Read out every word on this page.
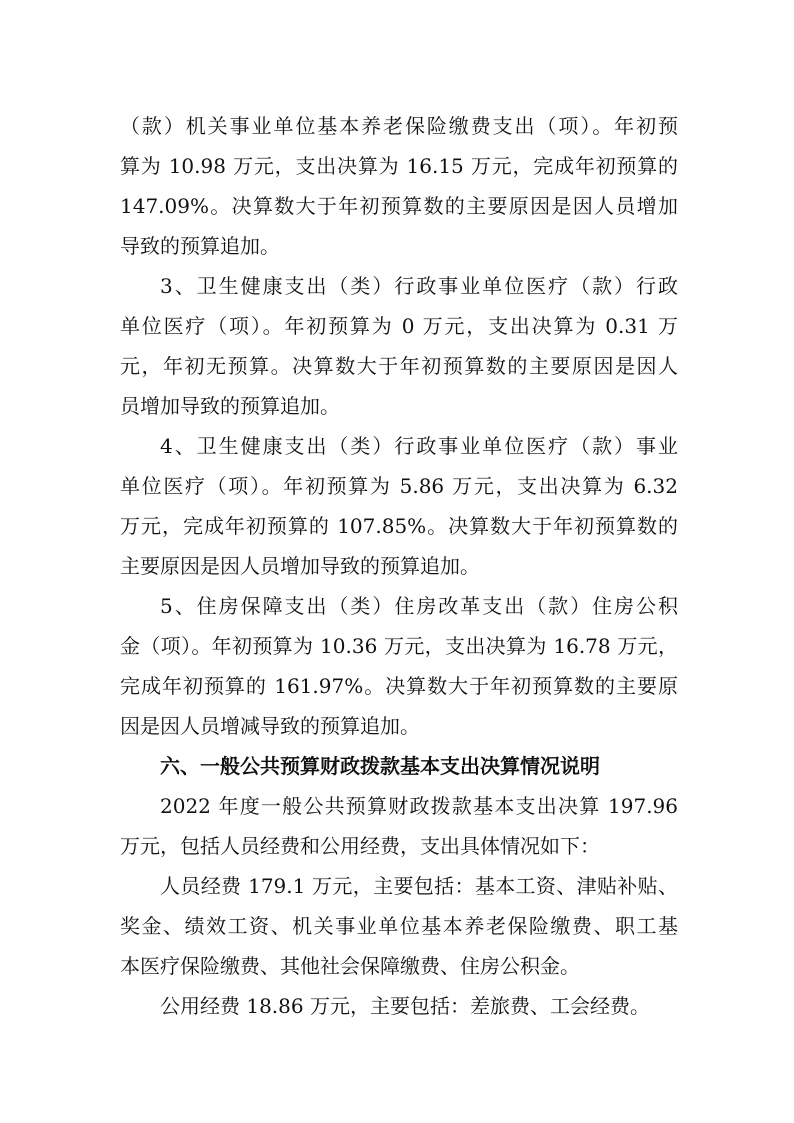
（款）机关事业单位基本养老保险缴费支出（项）。年初预
算为 10.98 万元，支出决算为 16.15 万元，完成年初预算的
147.09%。决算数大于年初预算数的主要原因是因人员增加
导致的预算追加。
3、卫生健康支出（类）行政事业单位医疗（款）行政
单位医疗（项）。年初预算为 0 万元，支出决算为 0.31 万
元，年初无预算。决算数大于年初预算数的主要原因是因人
员增加导致的预算追加。
4、卫生健康支出（类）行政事业单位医疗（款）事业
单位医疗（项）。年初预算为 5.86 万元，支出决算为 6.32
万元，完成年初预算的 107.85%。决算数大于年初预算数的
主要原因是因人员增加导致的预算追加。
5、住房保障支出（类）住房改革支出（款）住房公积
金（项）。年初预算为 10.36 万元，支出决算为 16.78 万元，
完成年初预算的 161.97%。决算数大于年初预算数的主要原
因是因人员增减导致的预算追加。
六、一般公共预算财政拨款基本支出决算情况说明
2022 年度一般公共预算财政拨款基本支出决算 197.96
万元，包括人员经费和公用经费，支出具体情况如下：
人员经费 179.1 万元，主要包括：基本工资、津贴补贴、
奖金、绩效工资、机关事业单位基本养老保险缴费、职工基
本医疗保险缴费、其他社会保障缴费、住房公积金。
公用经费 18.86 万元，主要包括：差旅费、工会经费。
